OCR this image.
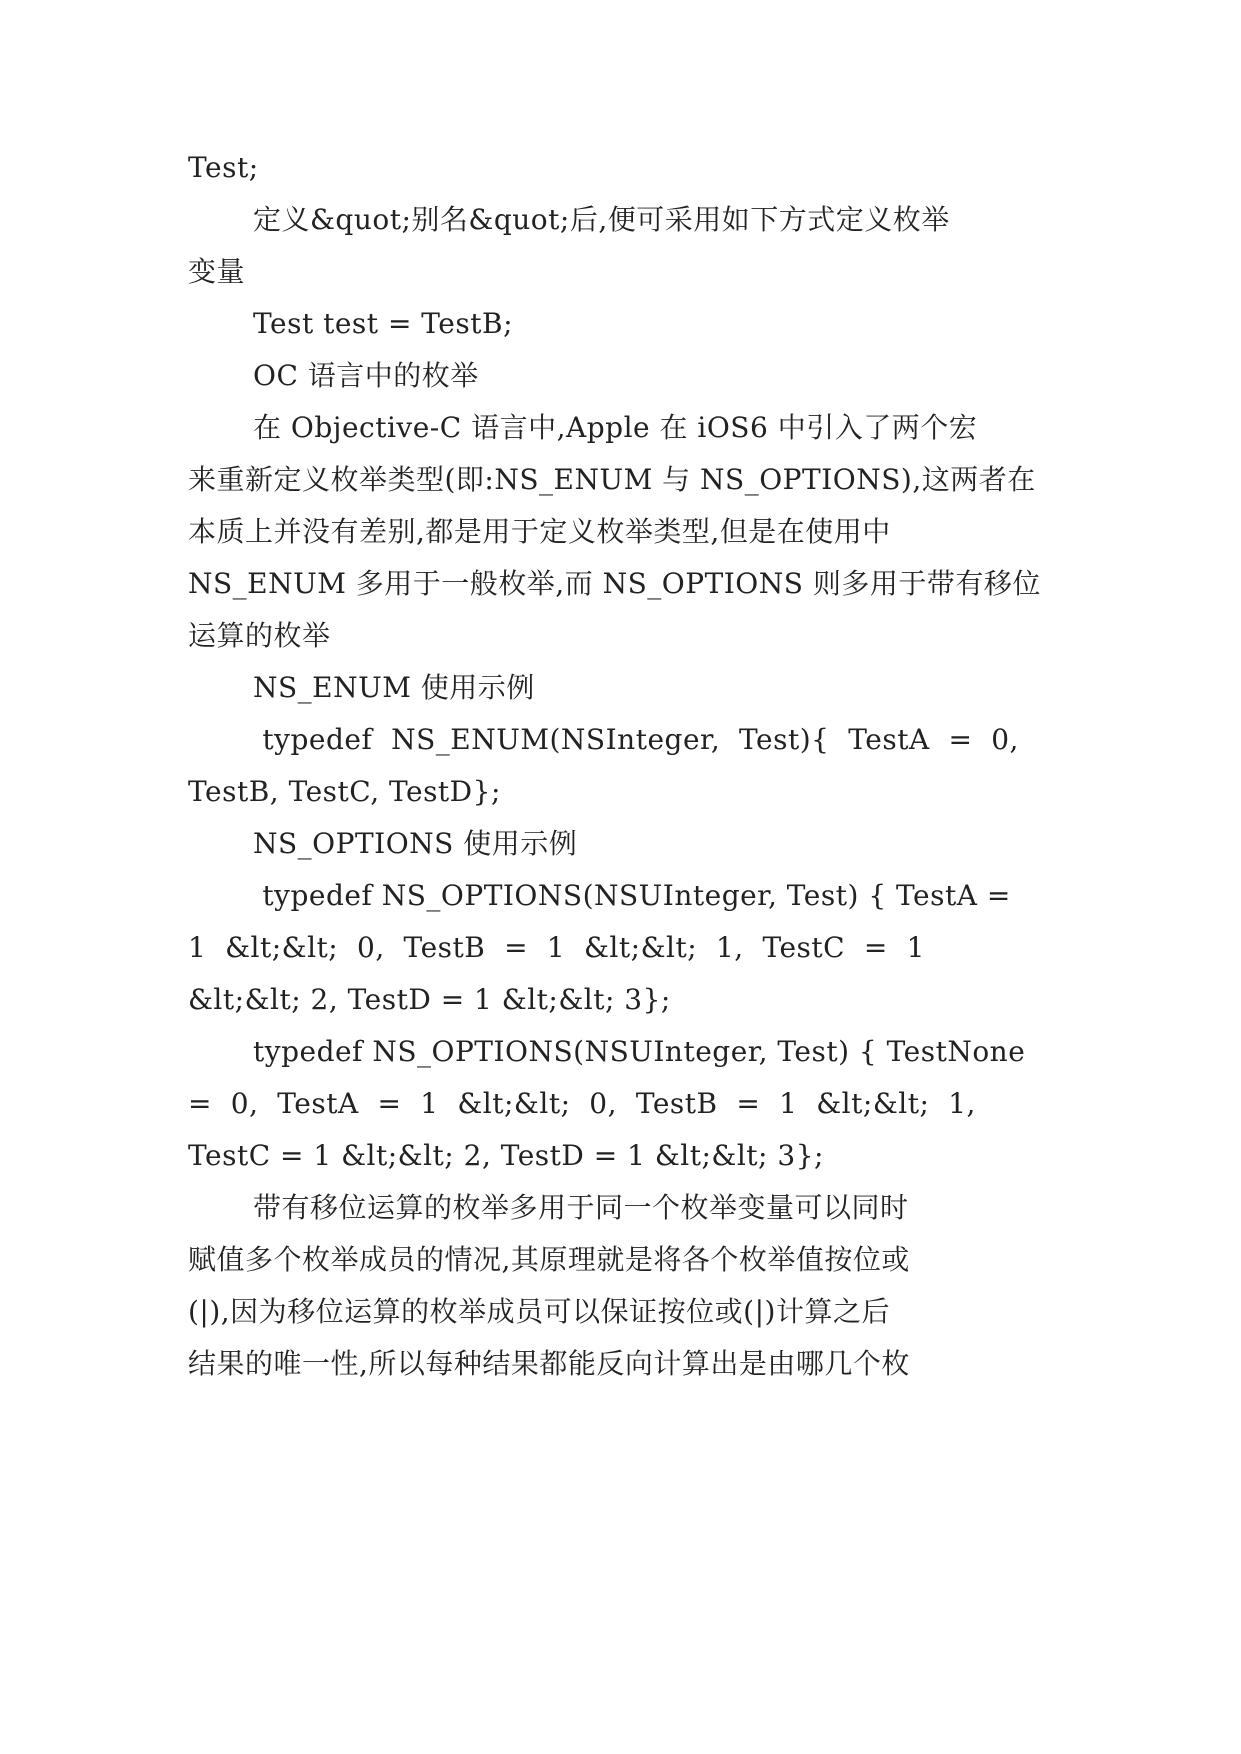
Test;
定义&quot;别名&quot;后,便可采用如下方式定义枚举
变量
Test test = TestB;
OC 语言中的枚举
在 Objective-C 语言中,Apple 在 iOS6 中引入了两个宏
来重新定义枚举类型(即:NS_ENUM 与 NS_OPTIONS),这两者在
本质上并没有差别,都是用于定义枚举类型,但是在使用中
NS_ENUM 多用于一般枚举,而 NS_OPTIONS 则多用于带有移位
运算的枚举
NS_ENUM 使用示例
typedef  NS_ENUM(NSInteger,  Test){  TestA  =  0,
TestB, TestC, TestD};
NS_OPTIONS 使用示例
typedef NS_OPTIONS(NSUInteger, Test) { TestA =
1  &lt;&lt;  0,  TestB  =  1  &lt;&lt;  1,  TestC  =  1
&lt;&lt; 2, TestD = 1 &lt;&lt; 3};
typedef NS_OPTIONS(NSUInteger, Test) { TestNone
=  0,  TestA  =  1  &lt;&lt;  0,  TestB  =  1  &lt;&lt;  1,
TestC = 1 &lt;&lt; 2, TestD = 1 &lt;&lt; 3};
带有移位运算的枚举多用于同一个枚举变量可以同时
赋值多个枚举成员的情况,其原理就是将各个枚举值按位或
(|),因为移位运算的枚举成员可以保证按位或(|)计算之后
结果的唯一性,所以每种结果都能反向计算出是由哪几个枚
